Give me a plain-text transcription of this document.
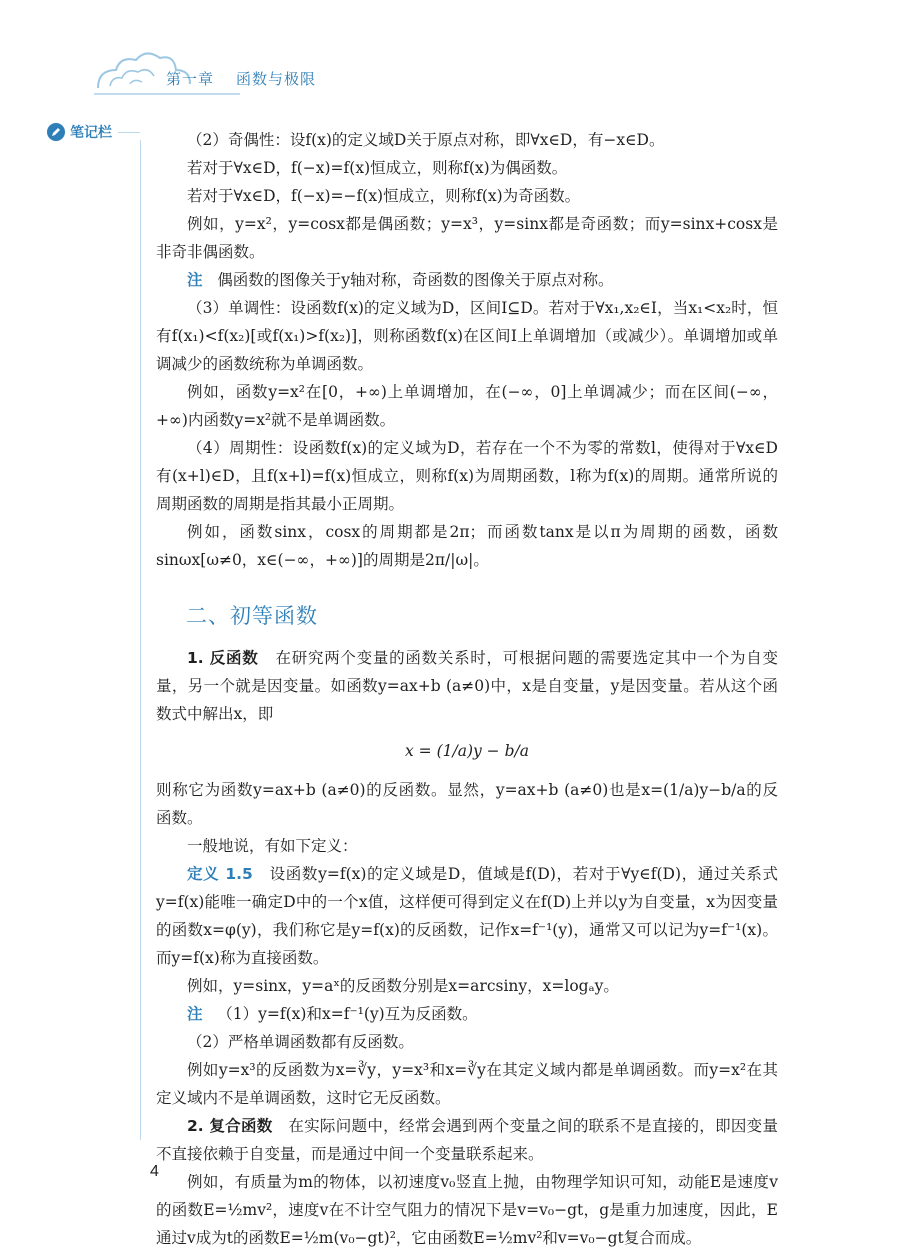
第一章 函数与极限
笔记栏	（2）奇偶性：设f(x)的定义域D关于原点对称，即∀x∈D，有−x∈D。

若对于∀x∈D，f(−x)=f(x)恒成立，则称f(x)为偶函数。

若对于∀x∈D，f(−x)=−f(x)恒成立，则称f(x)为奇函数。

例如，y=x²，y=cosx都是偶函数；y=x³，y=sinx都是奇函数；而y=sinx+cosx是非奇非偶函数。

注 偶函数的图像关于y轴对称，奇函数的图像关于原点对称。

（3）单调性：设函数f(x)的定义域为D，区间I⊆D。若对于∀x₁,x₂∈I，当x₁<x₂时，恒有f(x₁)<f(x₂)[或f(x₁)>f(x₂)]，则称函数f(x)在区间I上单调增加（或减少）。单调增加或单调减少的函数统称为单调函数。

例如，函数y=x²在[0，+∞)上单调增加，在(−∞，0]上单调减少；而在区间(−∞，+∞)内函数y=x²就不是单调函数。

（4）周期性：设函数f(x)的定义域为D，若存在一个不为零的常数l，使得对于∀x∈D有(x+l)∈D，且f(x+l)=f(x)恒成立，则称f(x)为周期函数，l称为f(x)的周期。通常所说的周期函数的周期是指其最小正周期。

例如，函数sinx，cosx的周期都是2π；而函数tanx是以π为周期的函数，函数sinωx[ω≠0，x∈(−∞，+∞)]的周期是2π/|ω|。

二、初等函数

1. 反函数 在研究两个变量的函数关系时，可根据问题的需要选定其中一个为自变量，另一个就是因变量。如函数y=ax+b (a≠0)中，x是自变量，y是因变量。若从这个函数式中解出x，即

x = (1/a)y − b/a

则称它为函数y=ax+b (a≠0)的反函数。显然，y=ax+b (a≠0)也是x=(1/a)y−b/a的反函数。

一般地说，有如下定义：

定义 1.5 设函数y=f(x)的定义域是D，值域是f(D)，若对于∀y∈f(D)，通过关系式y=f(x)能唯一确定D中的一个x值，这样便可得到定义在f(D)上并以y为自变量，x为因变量的函数x=φ(y)，我们称它是y=f(x)的反函数，记作x=f⁻¹(y)，通常又可以记为y=f⁻¹(x)。而y=f(x)称为直接函数。

例如，y=sinx，y=aˣ的反函数分别是x=arcsiny，x=logₐy。

注 （1）y=f(x)和x=f⁻¹(y)互为反函数。

（2）严格单调函数都有反函数。

例如y=x³的反函数为x=∛y，y=x³和x=∛y在其定义域内都是单调函数。而y=x²在其定义域内不是单调函数，这时它无反函数。

2. 复合函数 在实际问题中，经常会遇到两个变量之间的联系不是直接的，即因变量不直接依赖于自变量，而是通过中间一个变量联系起来。

例如，有质量为m的物体，以初速度v₀竖直上抛，由物理学知识可知，动能E是速度v的函数E=½mv²，速度v在不计空气阻力的情况下是v=v₀−gt，g是重力加速度，因此，E通过v成为t的函数E=½m(v₀−gt)²，它由函数E=½mv²和v=v₀−gt复合而成。

4
